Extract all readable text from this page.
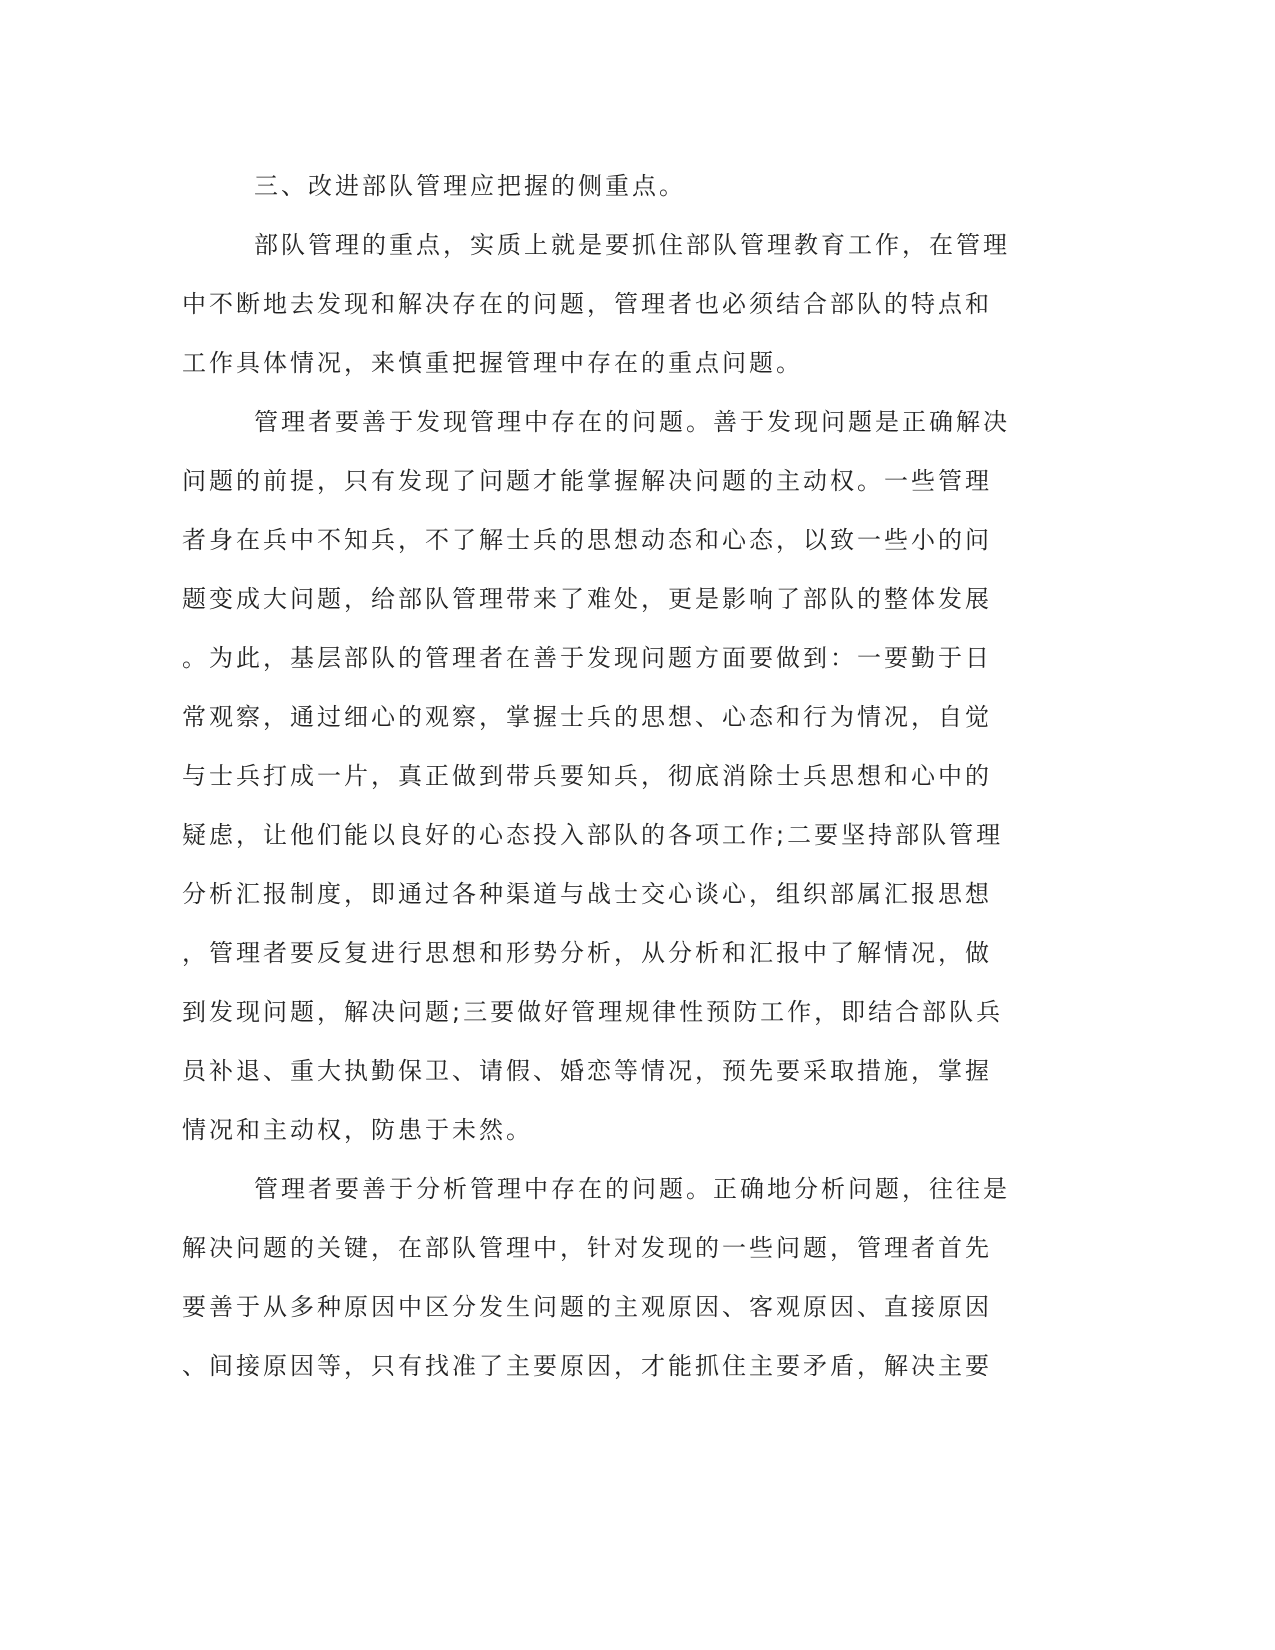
三、改进部队管理应把握的侧重点。
部队管理的重点，实质上就是要抓住部队管理教育工作，在管理
中不断地去发现和解决存在的问题，管理者也必须结合部队的特点和
工作具体情况，来慎重把握管理中存在的重点问题。
管理者要善于发现管理中存在的问题。善于发现问题是正确解决
问题的前提，只有发现了问题才能掌握解决问题的主动权。一些管理
者身在兵中不知兵，不了解士兵的思想动态和心态，以致一些小的问
题变成大问题，给部队管理带来了难处，更是影响了部队的整体发展
。为此，基层部队的管理者在善于发现问题方面要做到：一要勤于日
常观察，通过细心的观察，掌握士兵的思想、心态和行为情况，自觉
与士兵打成一片，真正做到带兵要知兵，彻底消除士兵思想和心中的
疑虑，让他们能以良好的心态投入部队的各项工作;二要坚持部队管理
分析汇报制度，即通过各种渠道与战士交心谈心，组织部属汇报思想
，管理者要反复进行思想和形势分析，从分析和汇报中了解情况，做
到发现问题，解决问题;三要做好管理规律性预防工作，即结合部队兵
员补退、重大执勤保卫、请假、婚恋等情况，预先要采取措施，掌握
情况和主动权，防患于未然。
管理者要善于分析管理中存在的问题。正确地分析问题，往往是
解决问题的关键，在部队管理中，针对发现的一些问题，管理者首先
要善于从多种原因中区分发生问题的主观原因、客观原因、直接原因
、间接原因等，只有找准了主要原因，才能抓住主要矛盾，解决主要
